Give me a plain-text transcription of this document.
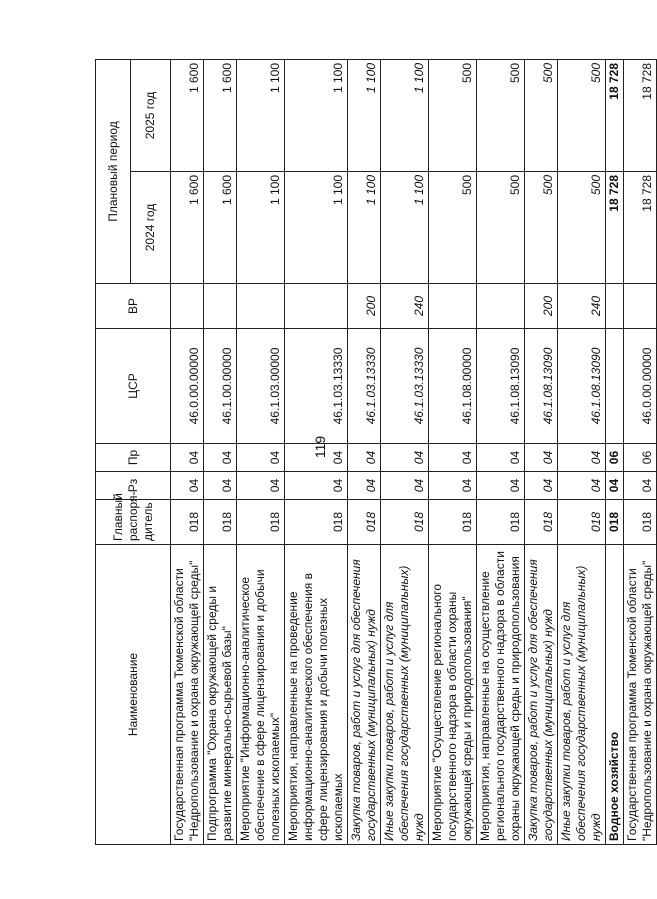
119
Наименование	Главный распоря-дитель	Рз	Пр	ЦСР	ВР	Плановый период	
						2024 год	2025 год
Государственная программа Тюменской области "Недропользование и охрана окружающей среды"	018	04	04	46.0.00.00000		1 600	1 600
Подпрограмма "Охрана окружающей среды и развитие минерально-сырьевой базы"	018	04	04	46.1.00.00000		1 600	1 600
Мероприятие "Информационно-аналитическое обеспечение в сфере лицензирования и добычи полезных ископаемых"	018	04	04	46.1.03.00000		1 100	1 100
Мероприятия, направленные на проведение информационно-аналитического обеспечения в сфере лицензирования и добычи полезных ископаемых	018	04	04	46.1.03.13330		1 100	1 100
Закупка товаров, работ и услуг для обеспечения государственных (муниципальных) нужд	018	04	04	46.1.03.13330	200	1 100	1 100
Иные закупки товаров, работ и услуг для обеспечения государственных (муниципальных) нужд	018	04	04	46.1.03.13330	240	1 100	1 100
Мероприятие "Осуществление регионального государственного надзора в области охраны окружающей среды и природопользования"	018	04	04	46.1.08.00000		500	500
Мероприятия, направленные на осуществление регионального государственного надзора в области охраны окружающей среды и природопользования	018	04	04	46.1.08.13090		500	500
Закупка товаров, работ и услуг для обеспечения государственных (муниципальных) нужд	018	04	04	46.1.08.13090	200	500	500
Иные закупки товаров, работ и услуг для обеспечения государственных (муниципальных) нужд	018	04	04	46.1.08.13090	240	500	500
Водное хозяйство	018	04	06			18 728	18 728
Государственная программа Тюменской области "Недропользование и охрана окружающей среды"	018	04	06	46.0.00.00000		18 728	18 728
